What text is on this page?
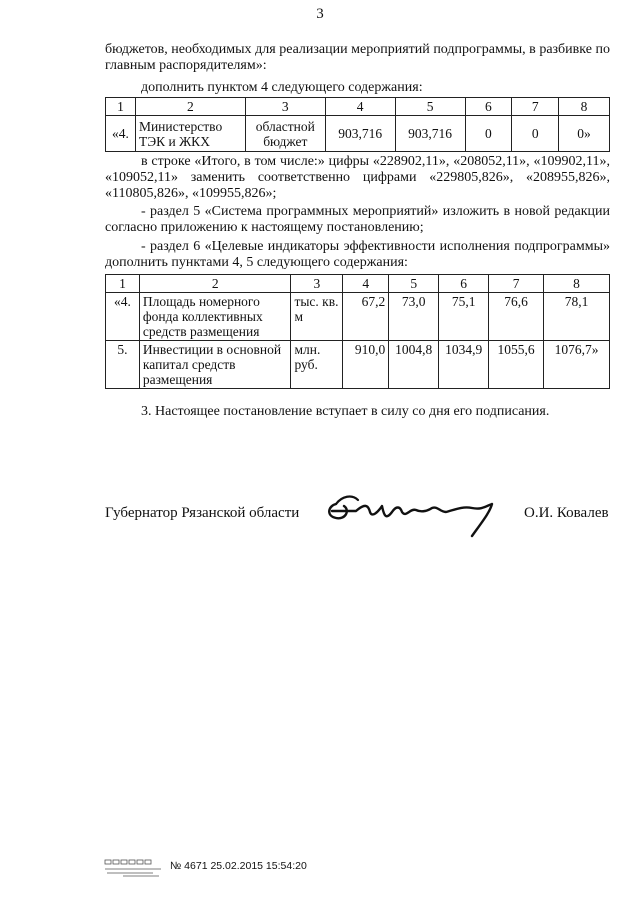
3
бюджетов, необходимых для реализации мероприятий подпрограммы, в разбивке по главным распорядителям»:
дополнить пунктом 4 следующего содержания:
1	2	3	4	5	6	7	8
«4.	Министерство ТЭК и ЖКХ	областной бюджет	903,716	903,716	0	0	0»
в строке «Итого, в том числе:» цифры «228902,11», «208052,11», «109902,11», «109052,11» заменить соответственно цифрами «229805,826», «208955,826», «110805,826», «109955,826»;
- раздел 5 «Система программных мероприятий» изложить в новой редакции согласно приложению к настоящему постановлению;
- раздел 6 «Целевые индикаторы эффективности исполнения подпрограммы» дополнить пунктами 4, 5 следующего содержания:
1	2	3	4	5	6	7	8
«4.	Площадь номерного фонда коллективных средств размещения	тыс. кв. м	67,2	73,0	75,1	76,6	78,1
5.	Инвестиции в основной капитал средств размещения	млн. руб.	910,0	1004,8	1034,9	1055,6	1076,7»
3. Настоящее постановление вступает в силу со дня его подписания.
Губернатор Рязанской области	О.И. Ковалев
№ 4671 25.02.2015 15:54:20
